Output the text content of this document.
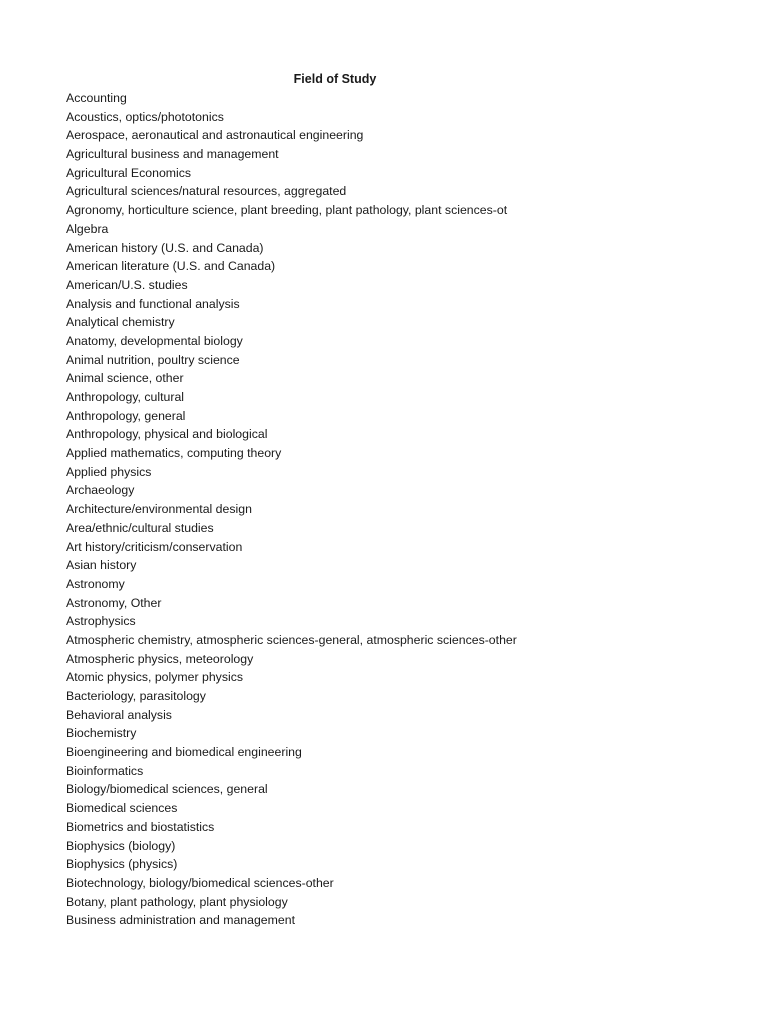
Field of Study
Accounting
Acoustics, optics/phototonics
Aerospace, aeronautical and astronautical engineering
Agricultural business and management
Agricultural Economics
Agricultural sciences/natural resources, aggregated
Agronomy, horticulture science, plant breeding, plant pathology, plant sciences-ot
Algebra
American history (U.S. and Canada)
American literature (U.S. and Canada)
American/U.S. studies
Analysis and functional analysis
Analytical chemistry
Anatomy, developmental biology
Animal nutrition, poultry science
Animal science, other
Anthropology, cultural
Anthropology, general
Anthropology, physical and biological
Applied mathematics, computing theory
Applied physics
Archaeology
Architecture/environmental design
Area/ethnic/cultural studies
Art history/criticism/conservation
Asian history
Astronomy
Astronomy, Other
Astrophysics
Atmospheric chemistry, atmospheric sciences-general, atmospheric sciences-other
Atmospheric physics, meteorology
Atomic physics, polymer physics
Bacteriology, parasitology
Behavioral analysis
Biochemistry
Bioengineering and biomedical engineering
Bioinformatics
Biology/biomedical sciences, general
Biomedical sciences
Biometrics and biostatistics
Biophysics (biology)
Biophysics (physics)
Biotechnology, biology/biomedical sciences-other
Botany, plant pathology, plant physiology
Business administration and management
